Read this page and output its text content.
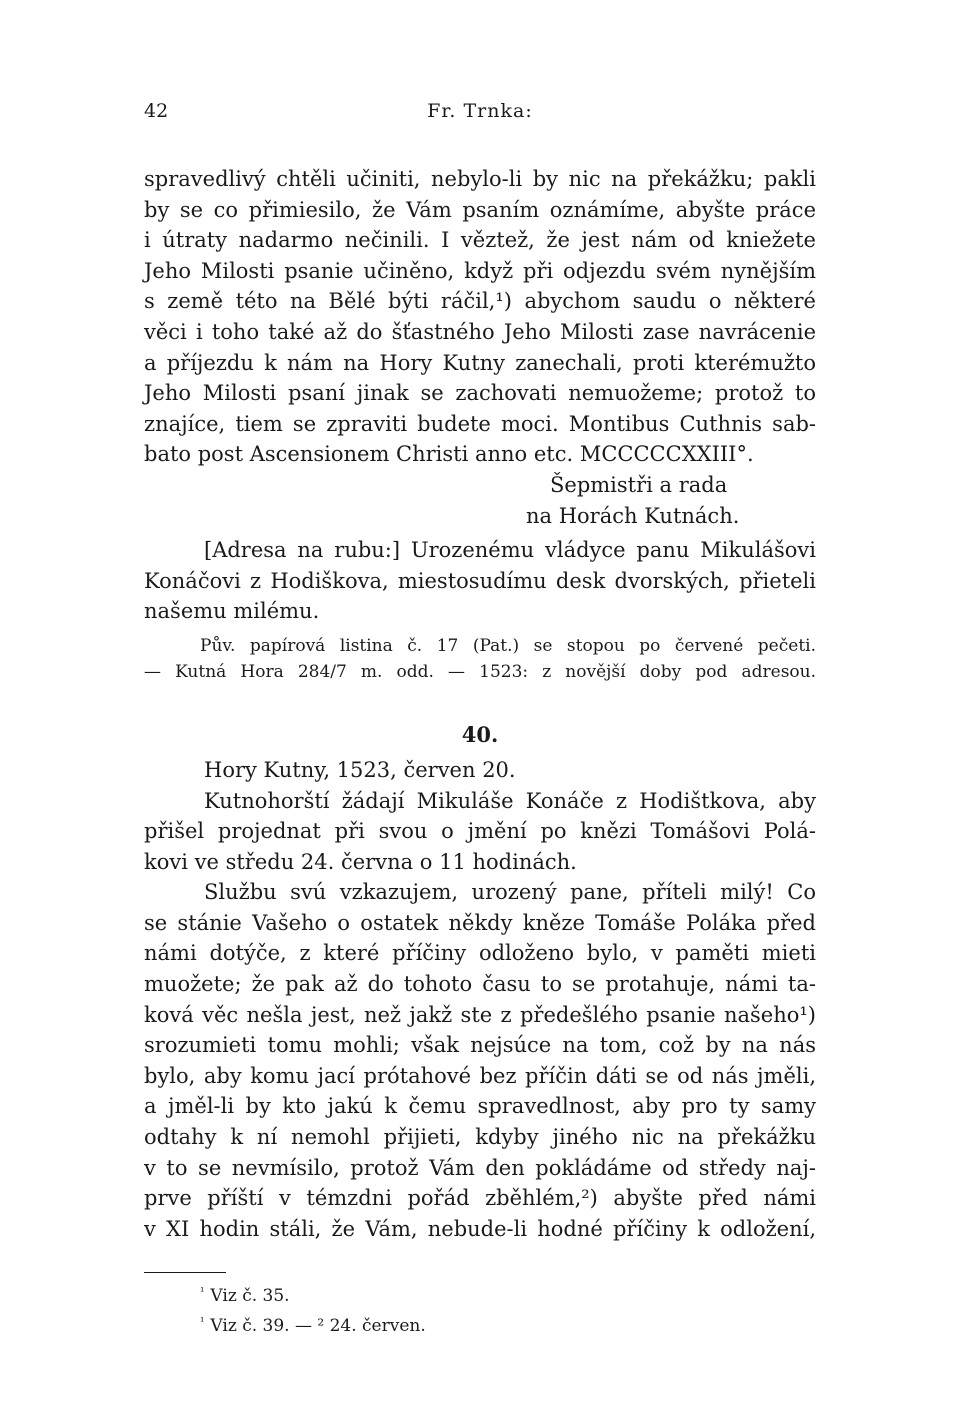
42	Fr. Trnka:
spravedlivý chtěli učiniti, nebylo-li by nic na překážku; pakli
by se co přimiesilo, že Vám psaním oznámíme, abyšte práce
i útraty nadarmo nečinili. I věztež, že jest nám od kniežete
Jeho Milosti psanie učiněno, když při odjezdu svém nynějším
s země této na Bělé býti ráčil,¹) abychom saudu o některé
věci i toho také až do šťastného Jeho Milosti zase navrácenie
a příjezdu k nám na Hory Kutny zanechali, proti kterémužto
Jeho Milosti psaní jinak se zachovati nemuožeme; protož to
znajíce, tiem se zpraviti budete moci. Montibus Cuthnis sab-
bato post Ascensionem Christi anno etc. MCCCCCXXIII°.
Šepmistři a rada
na Horách Kutnách.
[Adresa na rubu:] Urozenému vládyce panu Mikulášovi
Konáčovi z Hodiškova, miestosudímu desk dvorských, přieteli
našemu milému.
Pův. papírová listina č. 17 (Pat.) se stopou po červené pečeti.
— Kutná Hora 284/7 m. odd. — 1523: z novější doby pod adresou.
40.
Hory Kutny, 1523, červen 20.
Kutnohorští žádají Mikuláše Konáče z Hodištkova, aby
přišel projednat při svou o jmění po knězi Tomášovi Polá-
kovi ve středu 24. června o 11 hodinách.
Službu svú vzkazujem, urozený pane, příteli milý! Co
se stánie Vašeho o ostatek někdy kněze Tomáše Poláka před
námi dotýče, z které příčiny odloženo bylo, v paměti mieti
muožete; že pak až do tohoto času to se protahuje, námi ta-
ková věc nešla jest, než jakž ste z předešlého psanie našeho¹)
srozumieti tomu mohli; však nejsúce na tom, což by na nás
bylo, aby komu jací prótahové bez příčin dáti se od nás jměli,
a jměl-li by kto jakú k čemu spravedlnost, aby pro ty samy
odtahy k ní nemohl přijieti, kdyby jiného nic na překážku
v to se nevmísilo, protož Vám den pokládáme od středy naj-
prve příští v témzdni pořád zběhlém,²) abyšte před námi
v XI hodin stáli, že Vám, nebude-li hodné příčiny k odložení,
$^{^1}$ Viz č. 35.
$^{^1}$ Viz č. 39. — ² 24. červen.
